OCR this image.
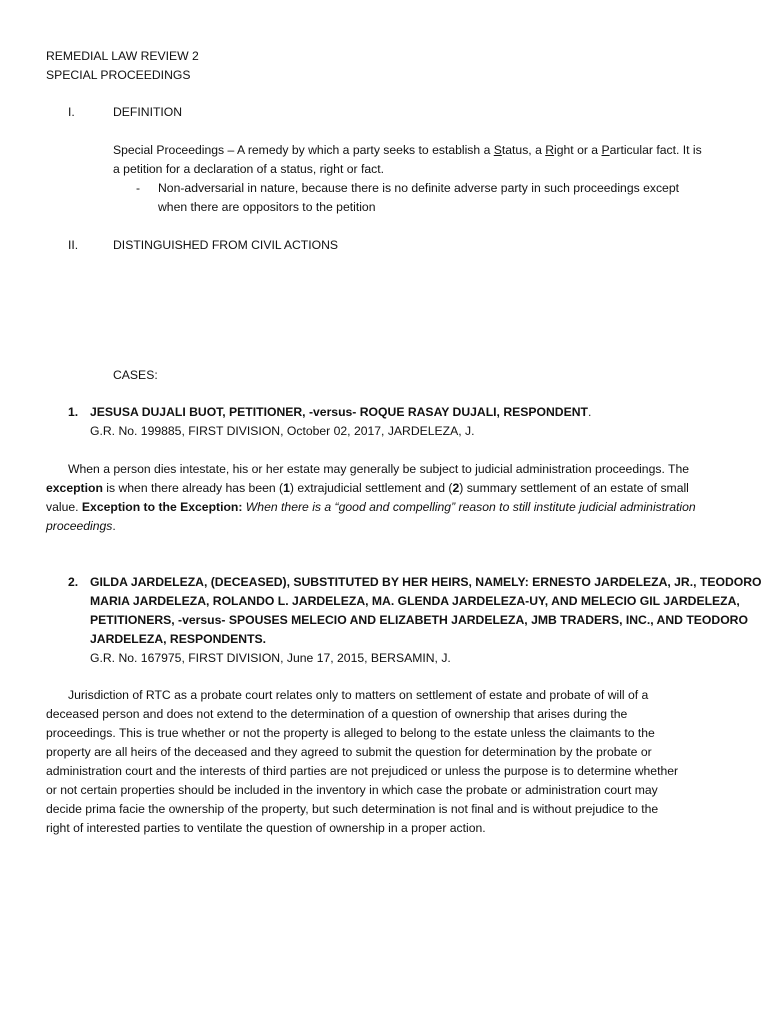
REMEDIAL LAW REVIEW 2
SPECIAL PROCEEDINGS
I.	DEFINITION
Special Proceedings – A remedy by which a party seeks to establish a Status, a Right or a Particular fact. It is
a petition for a declaration of a status, right or fact.
- Non-adversarial in nature, because there is no definite adverse party in such proceedings except
when there are oppositors to the petition
II.	DISTINGUISHED FROM CIVIL ACTIONS
CASES:
1. JESUSA DUJALI BUOT, PETITIONER, -versus- ROQUE RASAY DUJALI, RESPONDENT.
G.R. No. 199885, FIRST DIVISION, October 02, 2017, JARDELEZA, J.
When a person dies intestate, his or her estate may generally be subject to judicial administration proceedings. The
exception is when there already has been (1) extrajudicial settlement and (2) summary settlement of an estate of small
value. Exception to the Exception: When there is a “good and compelling” reason to still institute judicial administration
proceedings.
2. GILDA JARDELEZA, (DECEASED), SUBSTITUTED BY HER HEIRS, NAMELY: ERNESTO JARDELEZA, JR., TEODORO
MARIA JARDELEZA, ROLANDO L. JARDELEZA, MA. GLENDA JARDELEZA-UY, AND MELECIO GIL JARDELEZA,
PETITIONERS, -versus- SPOUSES MELECIO AND ELIZABETH JARDELEZA, JMB TRADERS, INC., AND TEODORO
JARDELEZA, RESPONDENTS.
G.R. No. 167975, FIRST DIVISION, June 17, 2015, BERSAMIN, J.
Jurisdiction of RTC as a probate court relates only to matters on settlement of estate and probate of will of a
deceased person and does not extend to the determination of a question of ownership that arises during the
proceedings. This is true whether or not the property is alleged to belong to the estate unless the claimants to the
property are all heirs of the deceased and they agreed to submit the question for determination by the probate or
administration court and the interests of third parties are not prejudiced or unless the purpose is to determine whether
or not certain properties should be included in the inventory in which case the probate or administration court may
decide prima facie the ownership of the property, but such determination is not final and is without prejudice to the
right of interested parties to ventilate the question of ownership in a proper action.
